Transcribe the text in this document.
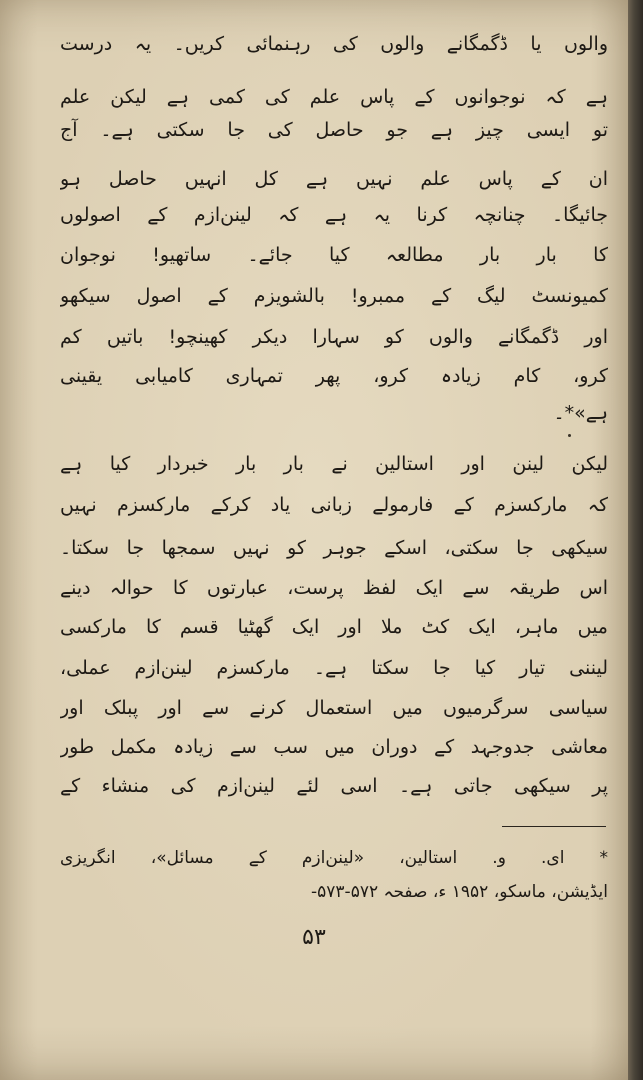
والوں یا ڈگمگانے والوں کی رہنمائی کریں۔ یہ درست
ہے کہ نوجوانوں کے پاس علم کی کمی ہے لیکن علم
تو ایسی چیز ہے جو حاصل کی جا سکتی ہے۔ آج
ان کے پاس علم نہیں ہے کل انہیں حاصل ہو
جائیگا۔ چنانچہ کرنا یہ ہے کہ لینن‌ازم کے اصولوں
کا بار بار مطالعہ کیا جائے۔ ساتھیو! نوجوان
کمیونسٹ لیگ کے ممبرو! بالشویزم کے اصول سیکھو
اور ڈگمگانے والوں کو سہارا دیکر کھینچو! باتیں کم
کرو، کام زیادہ کرو، پھر تمہاری کامیابی یقینی
ہے»*۔
لیکن لینن اور استالین نے بار بار خبردار کیا ہے
کہ مارکسزم کے فارمولے زبانی یاد کرکے مارکسزم نہیں
سیکھی جا سکتی، اسکے جوہر کو نہیں سمجھا جا سکتا۔
اس طریقہ سے ایک لفظ پرست، عبارتوں کا حوالہ دینے
میں ماہر، ایک کٹ ملا اور ایک گھٹیا قسم کا مارکسی
لیننی تیار کیا جا سکتا ہے۔ مارکسزم لینن‌ازم عملی،
سیاسی سرگرمیوں میں استعمال کرنے سے اور پبلک اور
معاشی جدوجہد کے دوران میں سب سے زیادہ مکمل طور
پر سیکھی جاتی ہے۔ اسی لئے لینن‌ازم کی منشاء کے
* ای. و. استالین، «لینن‌ازم کے مسائل»، انگریزی
ایڈیشن، ماسکو، ۱۹۵۲ ء، صفحہ ۵۷۲-۵۷۳-
۵۳
